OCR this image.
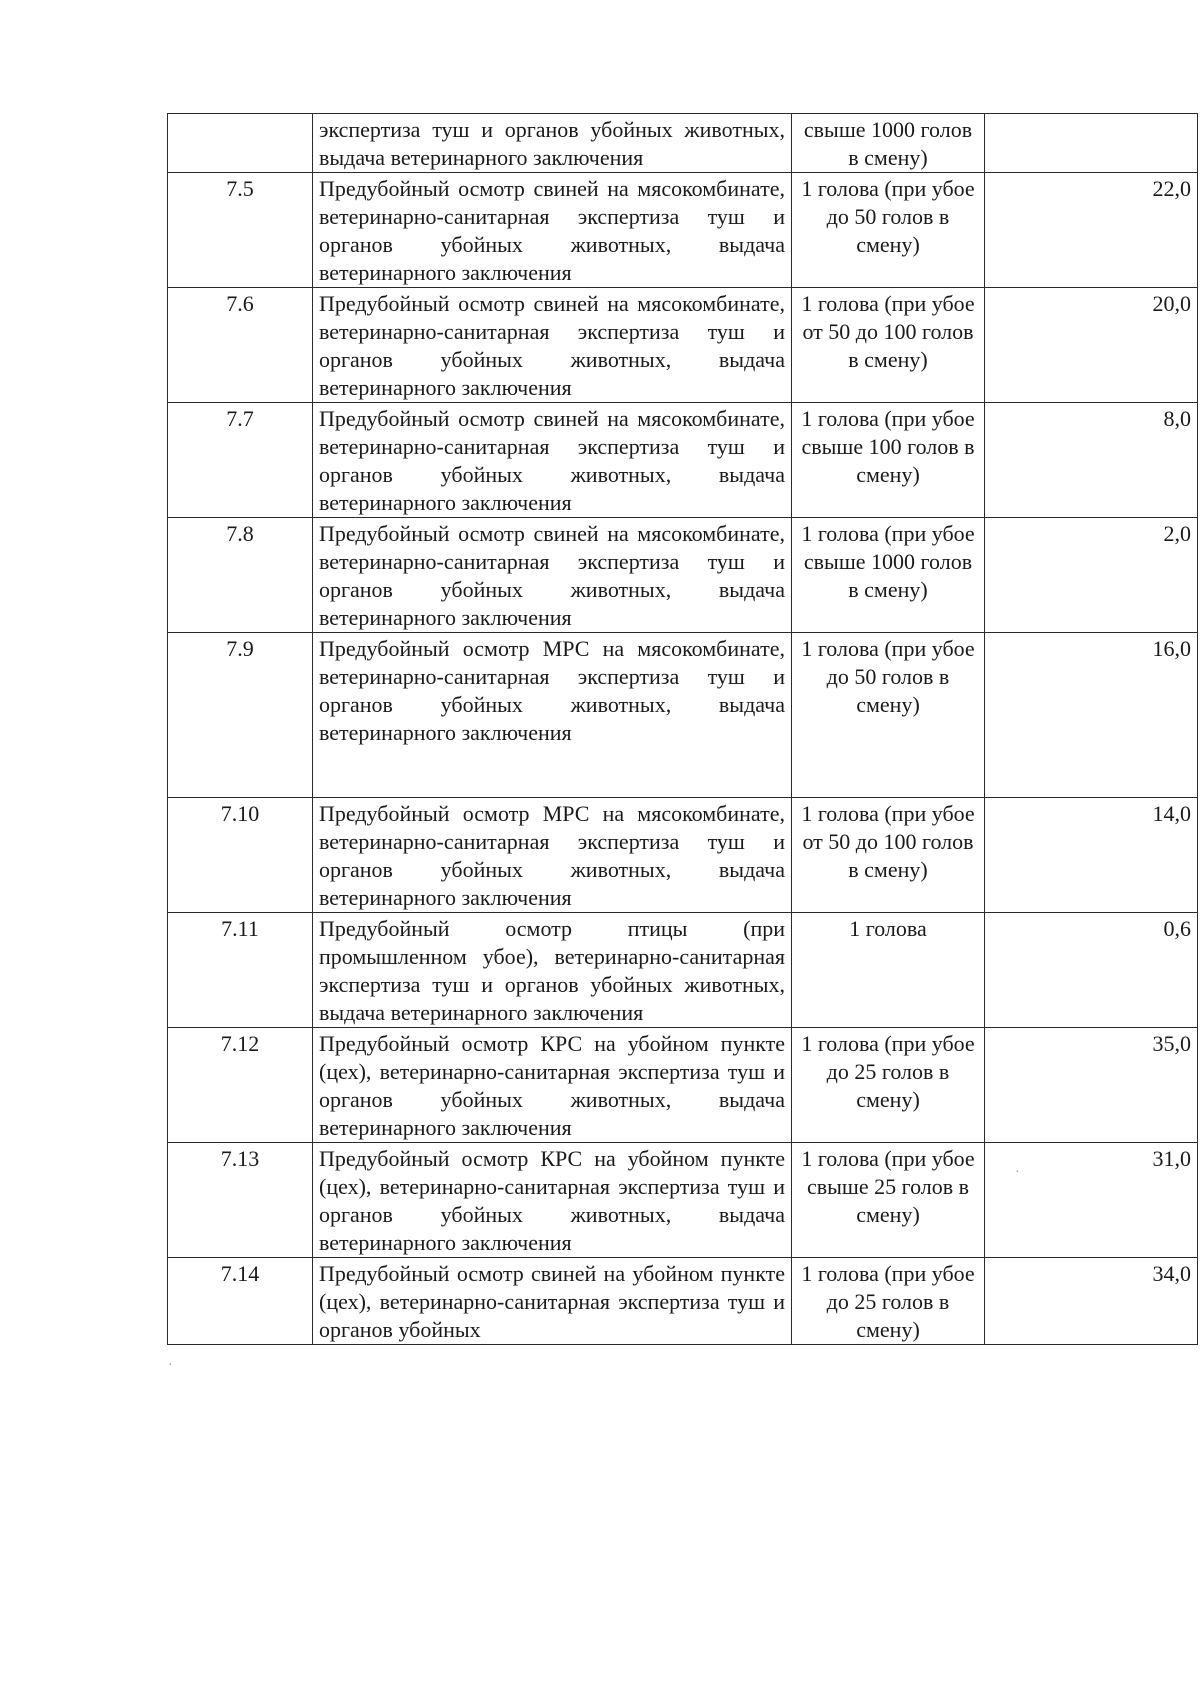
	экспертиза туш и органов убойных животных, выдача ветеринарного заключения	свыше 1000 голов в смену)	
7.5	Предубойный осмотр свиней на мясокомбинате, ветеринарно-санитарная экспертиза туш и органов убойных животных, выдача ветеринарного заключения	1 голова (при убое до 50 голов в смену)	22,0
7.6	Предубойный осмотр свиней на мясокомбинате, ветеринарно-санитарная экспертиза туш и органов убойных животных, выдача ветеринарного заключения	1 голова (при убое от 50 до 100 голов в смену)	20,0
7.7	Предубойный осмотр свиней на мясокомбинате, ветеринарно-санитарная экспертиза туш и органов убойных животных, выдача ветеринарного заключения	1 голова (при убое свыше 100 голов в смену)	8,0
7.8	Предубойный осмотр свиней на мясокомбинате, ветеринарно-санитарная экспертиза туш и органов убойных животных, выдача ветеринарного заключения	1 голова (при убое свыше 1000 голов в смену)	2,0
7.9	Предубойный осмотр МРС на мясокомбинате, ветеринарно-санитарная экспертиза туш и органов убойных животных, выдача ветеринарного заключения	1 голова (при убое до 50 голов в смену)	16,0
7.10	Предубойный осмотр МРС на мясокомбинате, ветеринарно-санитарная экспертиза туш и органов убойных животных, выдача ветеринарного заключения	1 голова (при убое от 50 до 100 голов в смену)	14,0
7.11	Предубойный осмотр птицы (при промышленном убое), ветеринарно-санитарная экспертиза туш и органов убойных животных, выдача ветеринарного заключения	1 голова	0,6
7.12	Предубойный осмотр КРС на убойном пункте (цех), ветеринарно-санитарная экспертиза туш и органов убойных животных, выдача ветеринарного заключения	1 голова (при убое до 25 голов в смену)	35,0
7.13	Предубойный осмотр КРС на убойном пункте (цех), ветеринарно-санитарная экспертиза туш и органов убойных животных, выдача ветеринарного заключения	1 голова (при убое свыше 25 голов в смену)	31,0
7.14	Предубойный осмотр свиней на убойном пункте (цех), ветеринарно-санитарная экспертиза туш и органов убойных	1 голова (при убое до 25 голов в смену)	34,0
·
·
